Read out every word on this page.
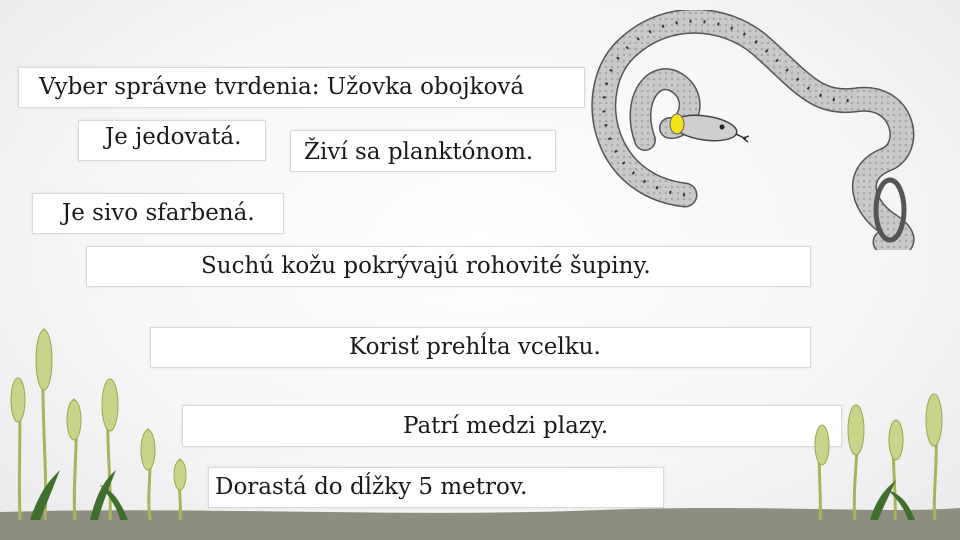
Vyber správne tvrdenia: Užovka obojková
Je jedovatá.
Živí sa planktónom.
Je sivo sfarbená.
Suchú kožu pokrývajú rohovité šupiny.
Korisť prehĺta vcelku.
Patrí medzi plazy.
Dorastá do dĺžky 5 metrov.
